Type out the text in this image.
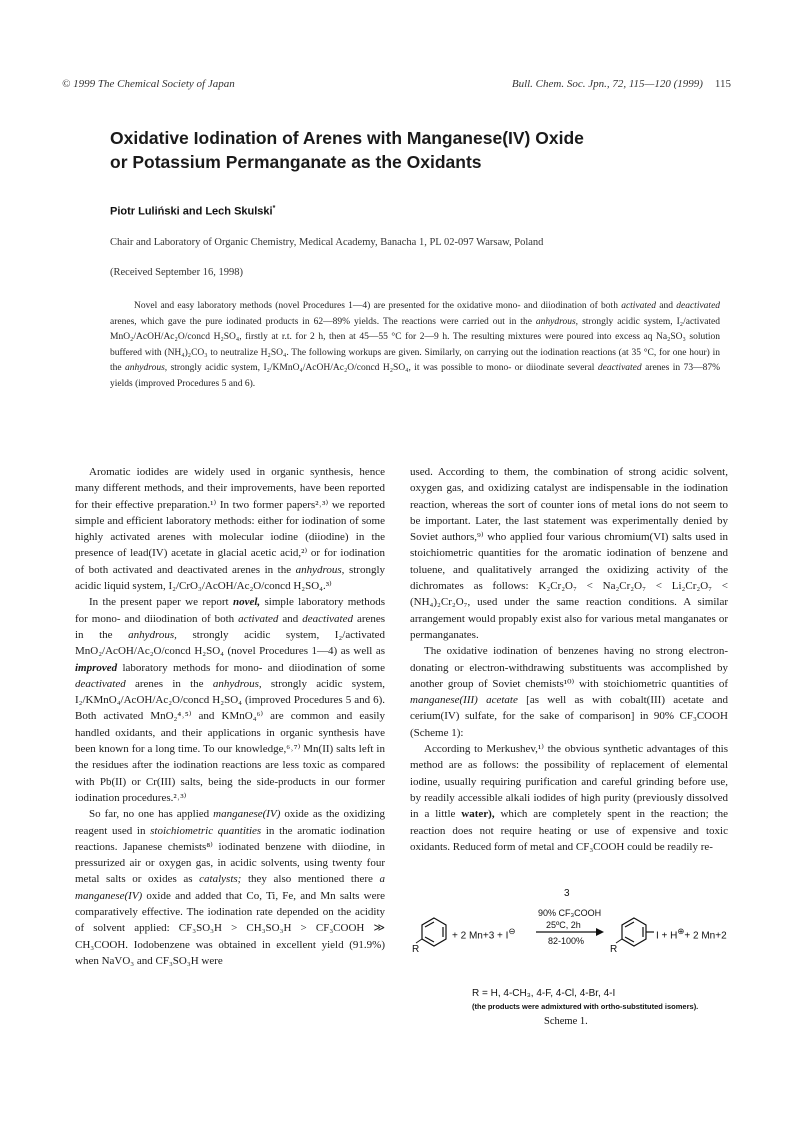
© 1999 The Chemical Society of Japan	Bull. Chem. Soc. Jpn., 72, 115—120 (1999) 115
Oxidative Iodination of Arenes with Manganese(IV) Oxide
or Potassium Permanganate as the Oxidants
Piotr Luliński and Lech Skulski*
Chair and Laboratory of Organic Chemistry, Medical Academy, Banacha 1, PL 02-097 Warsaw, Poland
(Received September 16, 1998)
Novel and easy laboratory methods (novel Procedures 1—4) are presented for the oxidative mono- and diiodination of both activated and deactivated arenes, which gave the pure iodinated products in 62—89% yields. The reactions were carried out in the anhydrous, strongly acidic system, I₂/activated MnO₂/AcOH/Ac₂O/concd H₂SO₄, firstly at r.t. for 2 h, then at 45—55 °C for 2—9 h. The resulting mixtures were poured into excess aq Na₂SO₃ solution buffered with (NH₄)₂CO₃ to neutralize H₂SO₄. The following workups are given. Similarly, on carrying out the iodination reactions (at 35 °C, for one hour) in the anhydrous, strongly acidic system, I₂/KMnO₄/AcOH/Ac₂O/concd H₂SO₄, it was possible to mono- or diiodinate several deactivated arenes in 73—87% yields (improved Procedures 5 and 6).

Aromatic iodides are widely used in organic synthesis, hence many different methods, and their improvements, have been reported for their effective preparation.¹⁾ In two former papers²˒³⁾ we reported simple and efficient laboratory methods: either for iodination of some highly activated arenes with molecular iodine (diiodine) in the presence of lead(IV) acetate in glacial acetic acid,²⁾ or for iodination of both activated and deactivated arenes in the anhydrous, strongly acidic liquid system, I₂/CrO₃/AcOH/Ac₂O/concd H₂SO₄.³⁾

In the present paper we report novel, simple laboratory methods for mono- and diiodination of both activated and deactivated arenes in the anhydrous, strongly acidic system, I₂/activated MnO₂/AcOH/Ac₂O/concd H₂SO₄ (novel Procedures 1—4) as well as improved laboratory methods for mono- and diiodination of some deactivated arenes in the anhydrous, strongly acidic system, I₂/KMnO₄/AcOH/Ac₂O/concd H₂SO₄ (improved Procedures 5 and 6). Both activated MnO₂⁴˒⁵⁾ and KMnO₄⁶⁾ are common and easily handled oxidants, and their applications in organic synthesis have been known for a long time. To our knowledge,⁶˒⁷⁾ Mn(II) salts left in the residues after the iodination reactions are less toxic as compared with Pb(II) or Cr(III) salts, being the side-products in our former iodination procedures.²˒³⁾

So far, no one has applied manganese(IV) oxide as the oxidizing reagent used in stoichiometric quantities in the aromatic iodination reactions. Japanese chemists⁸⁾ iodinated benzene with diiodine, in pressurized air or oxygen gas, in acidic solvents, using twenty four metal salts or oxides as catalysts; they also mentioned there a manganese(IV) oxide and added that Co, Ti, Fe, and Mn salts were comparatively effective. The iodination rate depended on the acidity of solvent applied: CF₃SO₃H > CH₃SO₃H > CF₃COOH ≫ CH₃COOH. Iodobenzene was obtained in excellent yield (91.9%) when NaVO₃ and CF₃SO₃H were

used. According to them, the combination of strong acidic solvent, oxygen gas, and oxidizing catalyst are indispensable in the iodination reaction, whereas the sort of counter ions of metal ions do not seem to be important. Later, the last statement was experimentally denied by Soviet authors,⁹⁾ who applied four various chromium(VI) salts used in stoichiometric quantities for the aromatic iodination of benzene and toluene, and qualitatively arranged the oxidizing activity of the dichromates as follows: K₂Cr₂O₇ < Na₂Cr₂O₇ < Li₂Cr₂O₇ < (NH₄)₂Cr₂O₇, used under the same reaction conditions. A similar arrangement would propably exist also for various metal manganates or permanganates.

The oxidative iodination of benzenes having no strong electron-donating or electron-withdrawing substituents was accomplished by another group of Soviet chemists¹⁰⁾ with stoichiometric quantities of manganese(III) acetate [as well as with cobalt(III) acetate and cerium(IV) sulfate, for the sake of comparison] in 90% CF₃COOH (Scheme 1):

According to Merkushev,¹⁾ the obvious synthetic advantages of this method are as follows: the possibility of replacement of elemental iodine, usually requiring purification and careful grinding before use, by readily accessible alkali iodides of high purity (previously dissolved in a little water), which are completely spent in the reaction; the reaction does not require heating or use of expensive and toxic oxidants. Reduced form of metal and CF₃COOH could be readily re-

3
R
+ 2 Mn+3 + I⊖
90% CF₃COOH
25ºC, 2h
82-100%
R
I + H⊕+ 2 Mn+2
R = H, 4-CH₃, 4-F, 4-Cl, 4-Br, 4-I
(the products were admixtured with ortho-substituted isomers).
Scheme 1.
